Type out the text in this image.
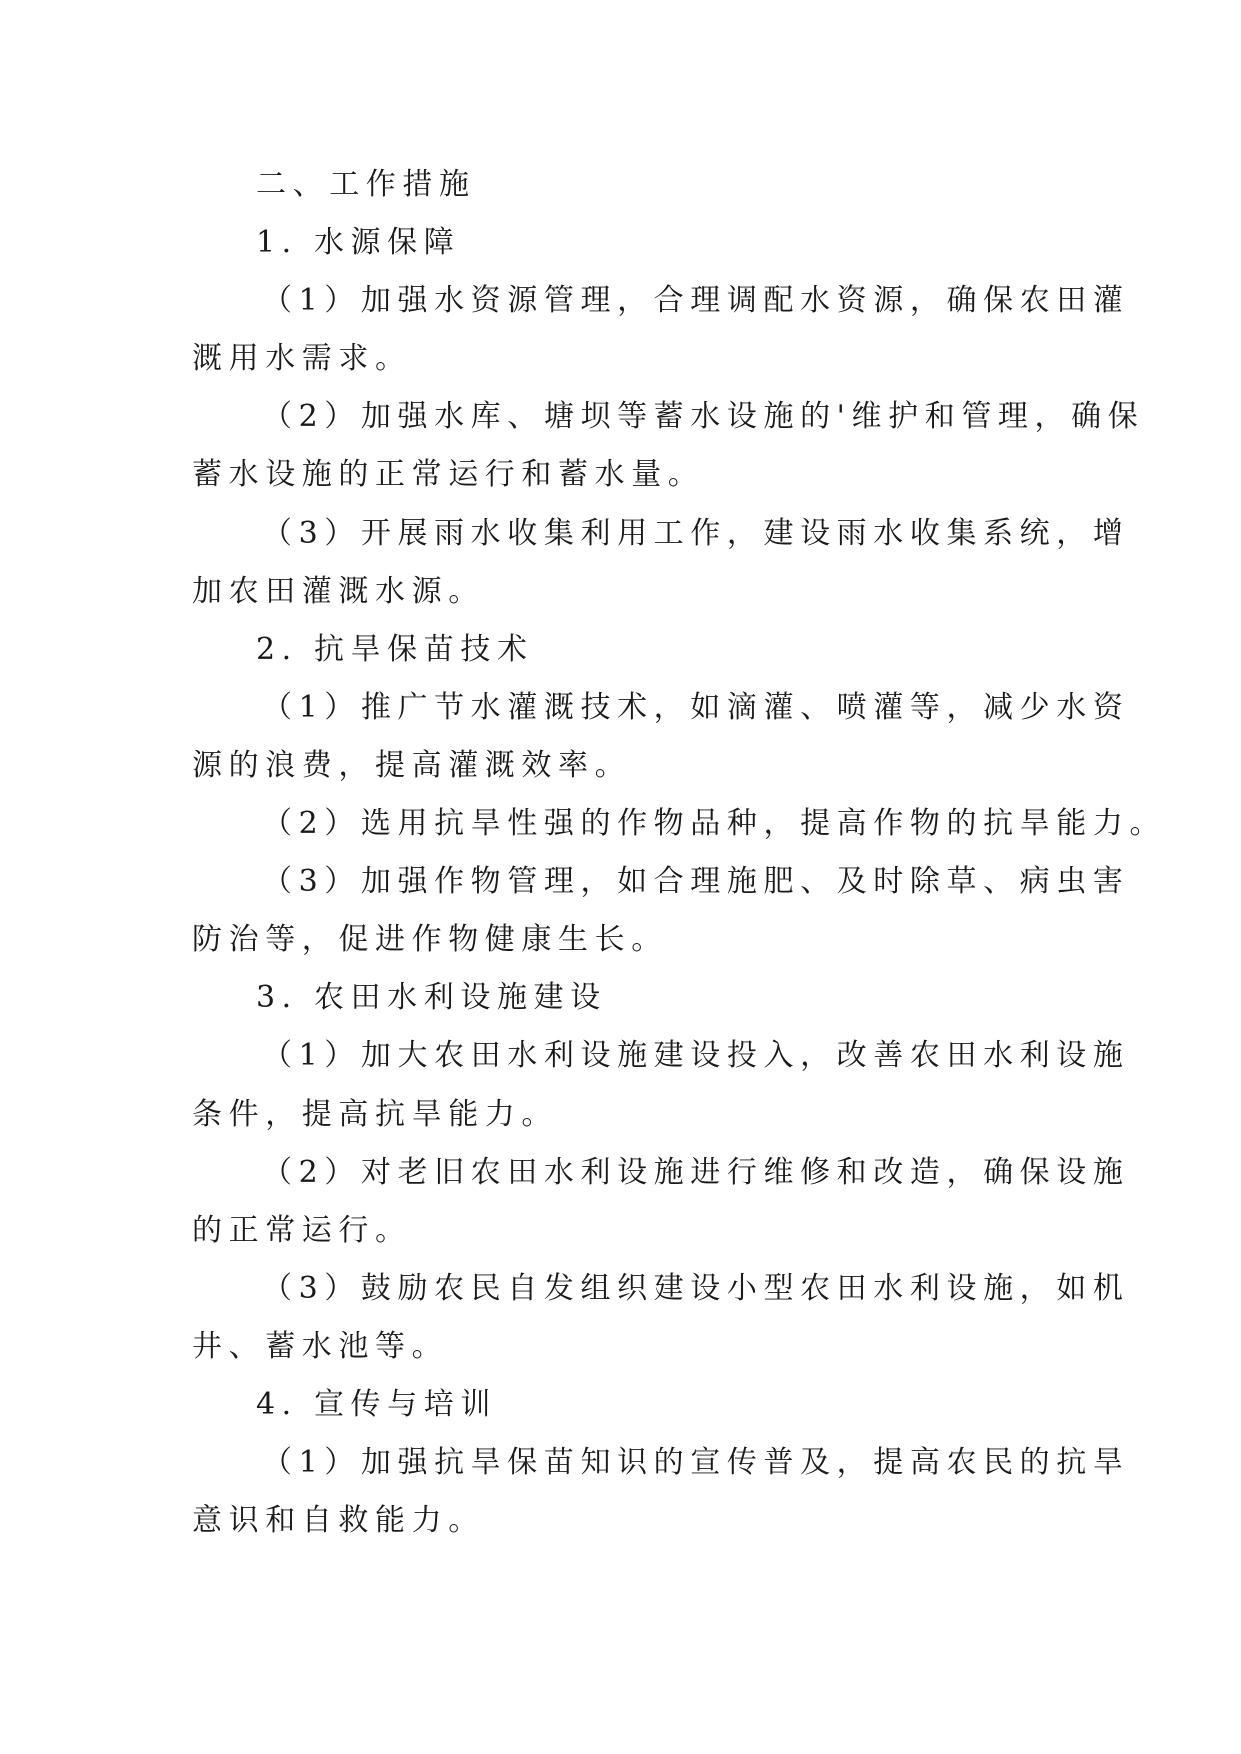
二、工作措施
1. 水源保障

（1）加强水资源管理，合理调配水资源，确保农田灌

溉用水需求。

（2）加强水库、塘坝等蓄水设施的'维护和管理，确保

蓄水设施的正常运行和蓄水量。

（3）开展雨水收集利用工作，建设雨水收集系统，增

加农田灌溉水源。

2. 抗旱保苗技术

（1）推广节水灌溉技术，如滴灌、喷灌等，减少水资

源的浪费，提高灌溉效率。

（2）选用抗旱性强的作物品种，提高作物的抗旱能力。

（3）加强作物管理，如合理施肥、及时除草、病虫害

防治等，促进作物健康生长。

3. 农田水利设施建设

（1）加大农田水利设施建设投入，改善农田水利设施

条件，提高抗旱能力。

（2）对老旧农田水利设施进行维修和改造，确保设施

的正常运行。

（3）鼓励农民自发组织建设小型农田水利设施，如机

井、蓄水池等。

4. 宣传与培训

（1）加强抗旱保苗知识的宣传普及，提高农民的抗旱

意识和自救能力。
